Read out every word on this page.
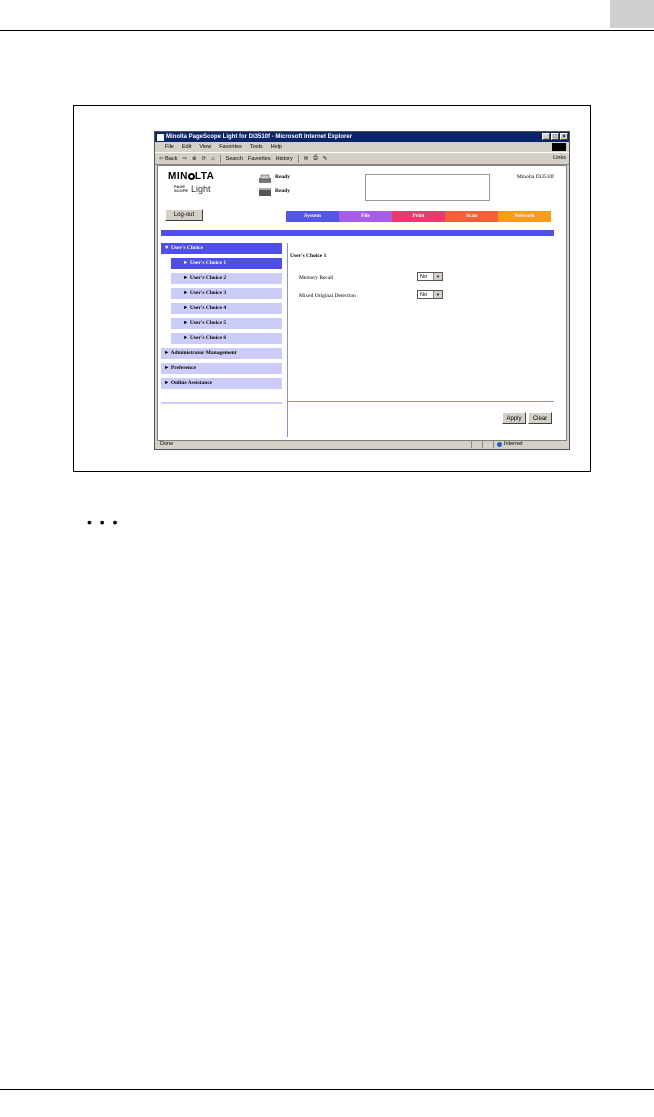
Minolta PageScope Light for Di3510f - Microsoft Internet Explorer	_ □ ×
File Edit View Favorites Tools Help
⇦ Back ⇨ ⊗ ⟳ ⌂ Search Favorites History ✉ ⎙ ✎	Links
MIN LTA
PAGE
SCOPE Light
Ready
Ready
Minolta Di3510f
Log-out	System	File	Print	Scan	Network
▼ User's Choice
► User's Choice 1
► User's Choice 2
► User's Choice 3
► User's Choice 4
► User's Choice 5
► User's Choice 6
► Administrator Management
► Preference
► Online Assistance
User's Choice 1
Memory Recall	No	▼
Mixed Original Detection	No	▼
Apply	Clear
Done	Internet
• • •
